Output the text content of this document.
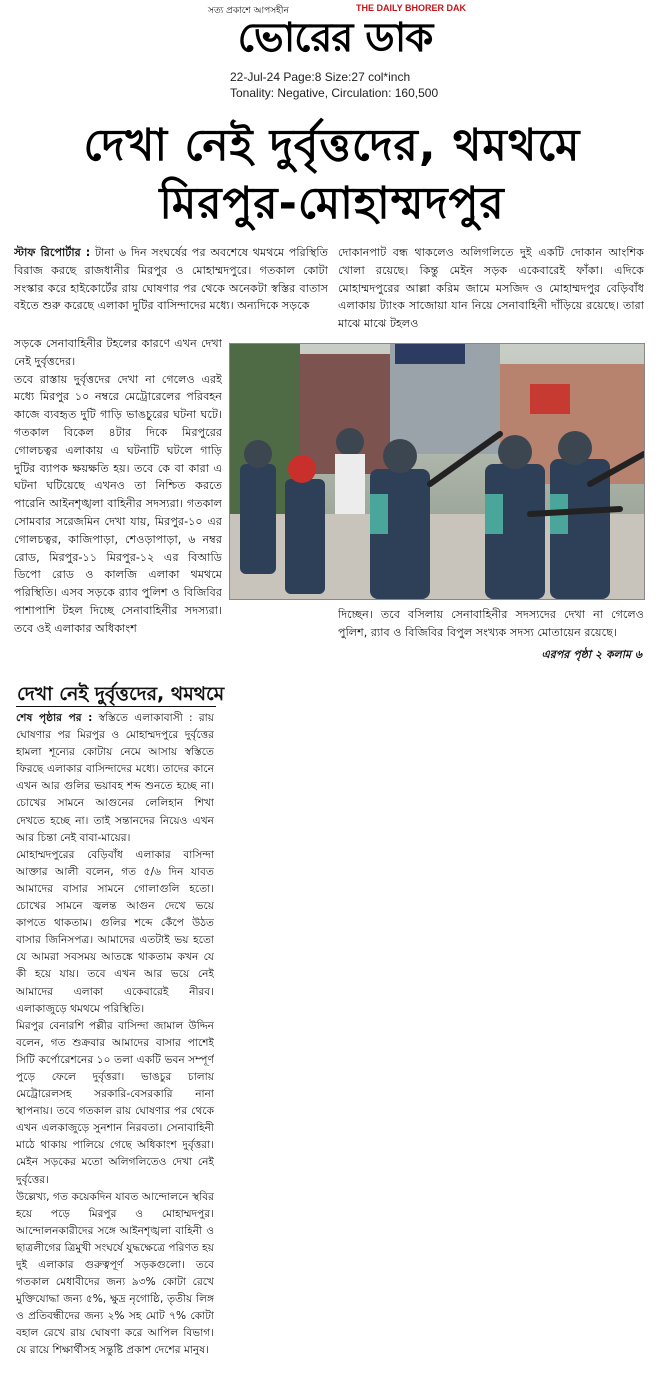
সত্য প্রকাশে আপসহীন	THE DAILY BHORER DAK
ভোরের ডাক
22-Jul-24 Page:8 Size:27 col*inch
Tonality: Negative, Circulation: 160,500
দেখা নেই দুর্বৃত্তদের, থমথমে
মিরপুর-মোহাম্মদপুর

স্টাফ রিপোর্টার : টানা ৬ দিন সংঘর্ষের পর অবশেষে থমথমে পরিস্থিতি বিরাজ করছে রাজধানীর মিরপুর ও মোহাম্মদপুরে। গতকাল কোটা সংস্কার করে হাইকোর্টের রায় ঘোষণার পর থেকে অনেকটা স্বস্তির বাতাস বইতে শুরু করেছে এলাকা দুটির বাসিন্দাদের মধ্যে। অন্যদিকে সড়কে

দোকানপাট বন্ধ থাকলেও অলিগলিতে দুই একটি দোকান আংশিক খোলা রয়েছে। কিন্তু মেইন সড়ক একেবারেই ফাঁকা। এদিকে মোহাম্মদপুরের আল্লা করিম জামে মসজিদ ও মোহাম্মদপুর বেড়িবাঁধ এলাকায় ট্যাংক সাজোয়া যান নিয়ে সেনাবাহিনী দাঁড়িয়ে রয়েছে। তারা মাঝে মাঝে টহলও

সড়কে সেনাবাহিনীর টহলের কারণে এখন দেখা নেই দুর্বৃত্তদের।

তবে রাস্তায় দুর্বৃত্তদের দেখা না গেলেও এরই মধ্যে মিরপুর ১০ নম্বরে মেট্রোরেলের পরিবহন কাজে ব্যবহৃত দুটি গাড়ি ভাঙচুরের ঘটনা ঘটে। গতকাল বিকেল ৪টার দিকে মিরপুরের গোলচত্বর এলাকায় এ ঘটনাটি ঘটলে গাড়ি দুটির ব্যাপক ক্ষয়ক্ষতি হয়। তবে কে বা কারা এ ঘটনা ঘটিয়েছে এখনও তা নিশ্চিত করতে পারেনি আইনশৃঙ্খলা বাহিনীর সদস্যরা। গতকাল সোমবার সরেজমিন দেখা যায়, মিরপুর-১০ এর গোলচত্বর, কাজিপাড়া, শেওড়াপাড়া, ৬ নম্বর রোড, মিরপুর-১১ মিরপুর-১২ এর বিআডি ডিপো রোড ও কালজি এলাকা থমথমে পরিস্থিতি। এসব সড়কে র‍্যাব পুলিশ ও বিজিবির পাশাপাশি টহল দিচ্ছে সেনাবাহিনীর সদস্যরা। তবে ওই এলাকার অধিকাংশ

দিচ্ছেন। তবে বসিলায় সেনাবাহিনীর সদস্যদের দেখা না গেলেও পুলিশ, র‍্যাব ও বিজিবির বিপুল সংখ্যক সদস্য মোতায়েন রয়েছে।
এরপর পৃষ্ঠা ২ কলাম ৬
দেখা নেই দুর্বৃত্তদের, থমথমে

শেষ পৃষ্ঠার পর : স্বস্তিতে এলাকাবাসী : রায় ঘোষণার পর মিরপুর ও মোহাম্মদপুরে দুর্বৃত্তের হামলা শূন্যের কোটায় নেমে আসায় স্বস্তিতে ফিরছে এলাকার বাসিন্দাদের মধ্যে। তাদের কানে এখন আর গুলির ভয়াবহ শব্দ শুনতে হচ্ছে না। চোখের সামনে আগুনের লেলিহান শিখা দেখতে হচ্ছে না। তাই সন্তানদের নিয়েও এখন আর চিন্তা নেই বাবা-মায়ের।

মোহাম্মদপুরের বেড়িবাঁধ এলাকার বাসিন্দা আক্তার আলী বলেন, গত ৫/৬ দিন যাবত আমাদের বাসার সামনে গোলাগুলি হতো। চোখের সামনে জ্বলন্ত আগুন দেখে ভয়ে কাপতে থাকতাম। গুলির শব্দে কেঁপে উঠত বাসার জিনিসপত্র। আমাদের এতটাই ভয় হতো যে আমরা সবসময় আতঙ্কে থাকতাম কখন যে কী হয়ে যায়। তবে এখন আর ভয়ে নেই আমাদের এলাকা একেবারেই নীরব। এলাকাজুড়ে থমথমে পরিস্থিতি।

মিরপুর বেনারশি পল্লীর বাসিন্দা জামাল উদ্দিন বলেন, গত শুক্রবার আমাদের বাসার পাশেই সিটি কর্পোরেশনের ১০ তলা একটি ভবন সম্পূর্ণ পুড়ে ফেলে দুর্বৃত্তরা। ভাঙচুর চালায় মেট্রোরেলসহ সরকারি-বেসরকারি নানা স্থাপনায়। তবে গতকাল রায় ঘোষণার পর থেকে এখন এলকাজুড়ে সুনশান নিরবতা। সেনাবাহিনী মাঠে থাকায় পালিয়ে গেছে অধিকাংশ দুর্বৃত্তরা। মেইন সড়কের মতো অলিগলিতেও দেখা নেই দুর্বৃত্তের।

উল্লেখ্য, গত কয়েকদিন যাবত আন্দোলনে স্থবির হয়ে পড়ে মিরপুর ও মোহাম্মদপুর। আন্দোলনকারীদের সঙ্গে আইনশৃঙ্খলা বাহিনী ও ছাত্রলীগের ত্রিমুখী সংঘর্ষে যুদ্ধক্ষেত্রে পরিণত হয় দুই এলাকার গুরুত্বপূর্ণ সড়কগুলো। তবে গতকাল মেধাবীদের জন্য ৯৩% কোটা রেখে মুক্তিযোদ্ধা জন্য ৫%, ক্ষুদ্র নৃগোষ্ঠি, তৃতীয় লিঙ্গ ও প্রতিবন্ধীদের জন্য ২% সহ মোট ৭% কোটা বহাল রেখে রায় ঘোষণা করে আপিল বিভাগ। যে রায়ে শিক্ষার্থীসহ সন্তুষ্টি প্রকাশ দেশের মানুষ।
